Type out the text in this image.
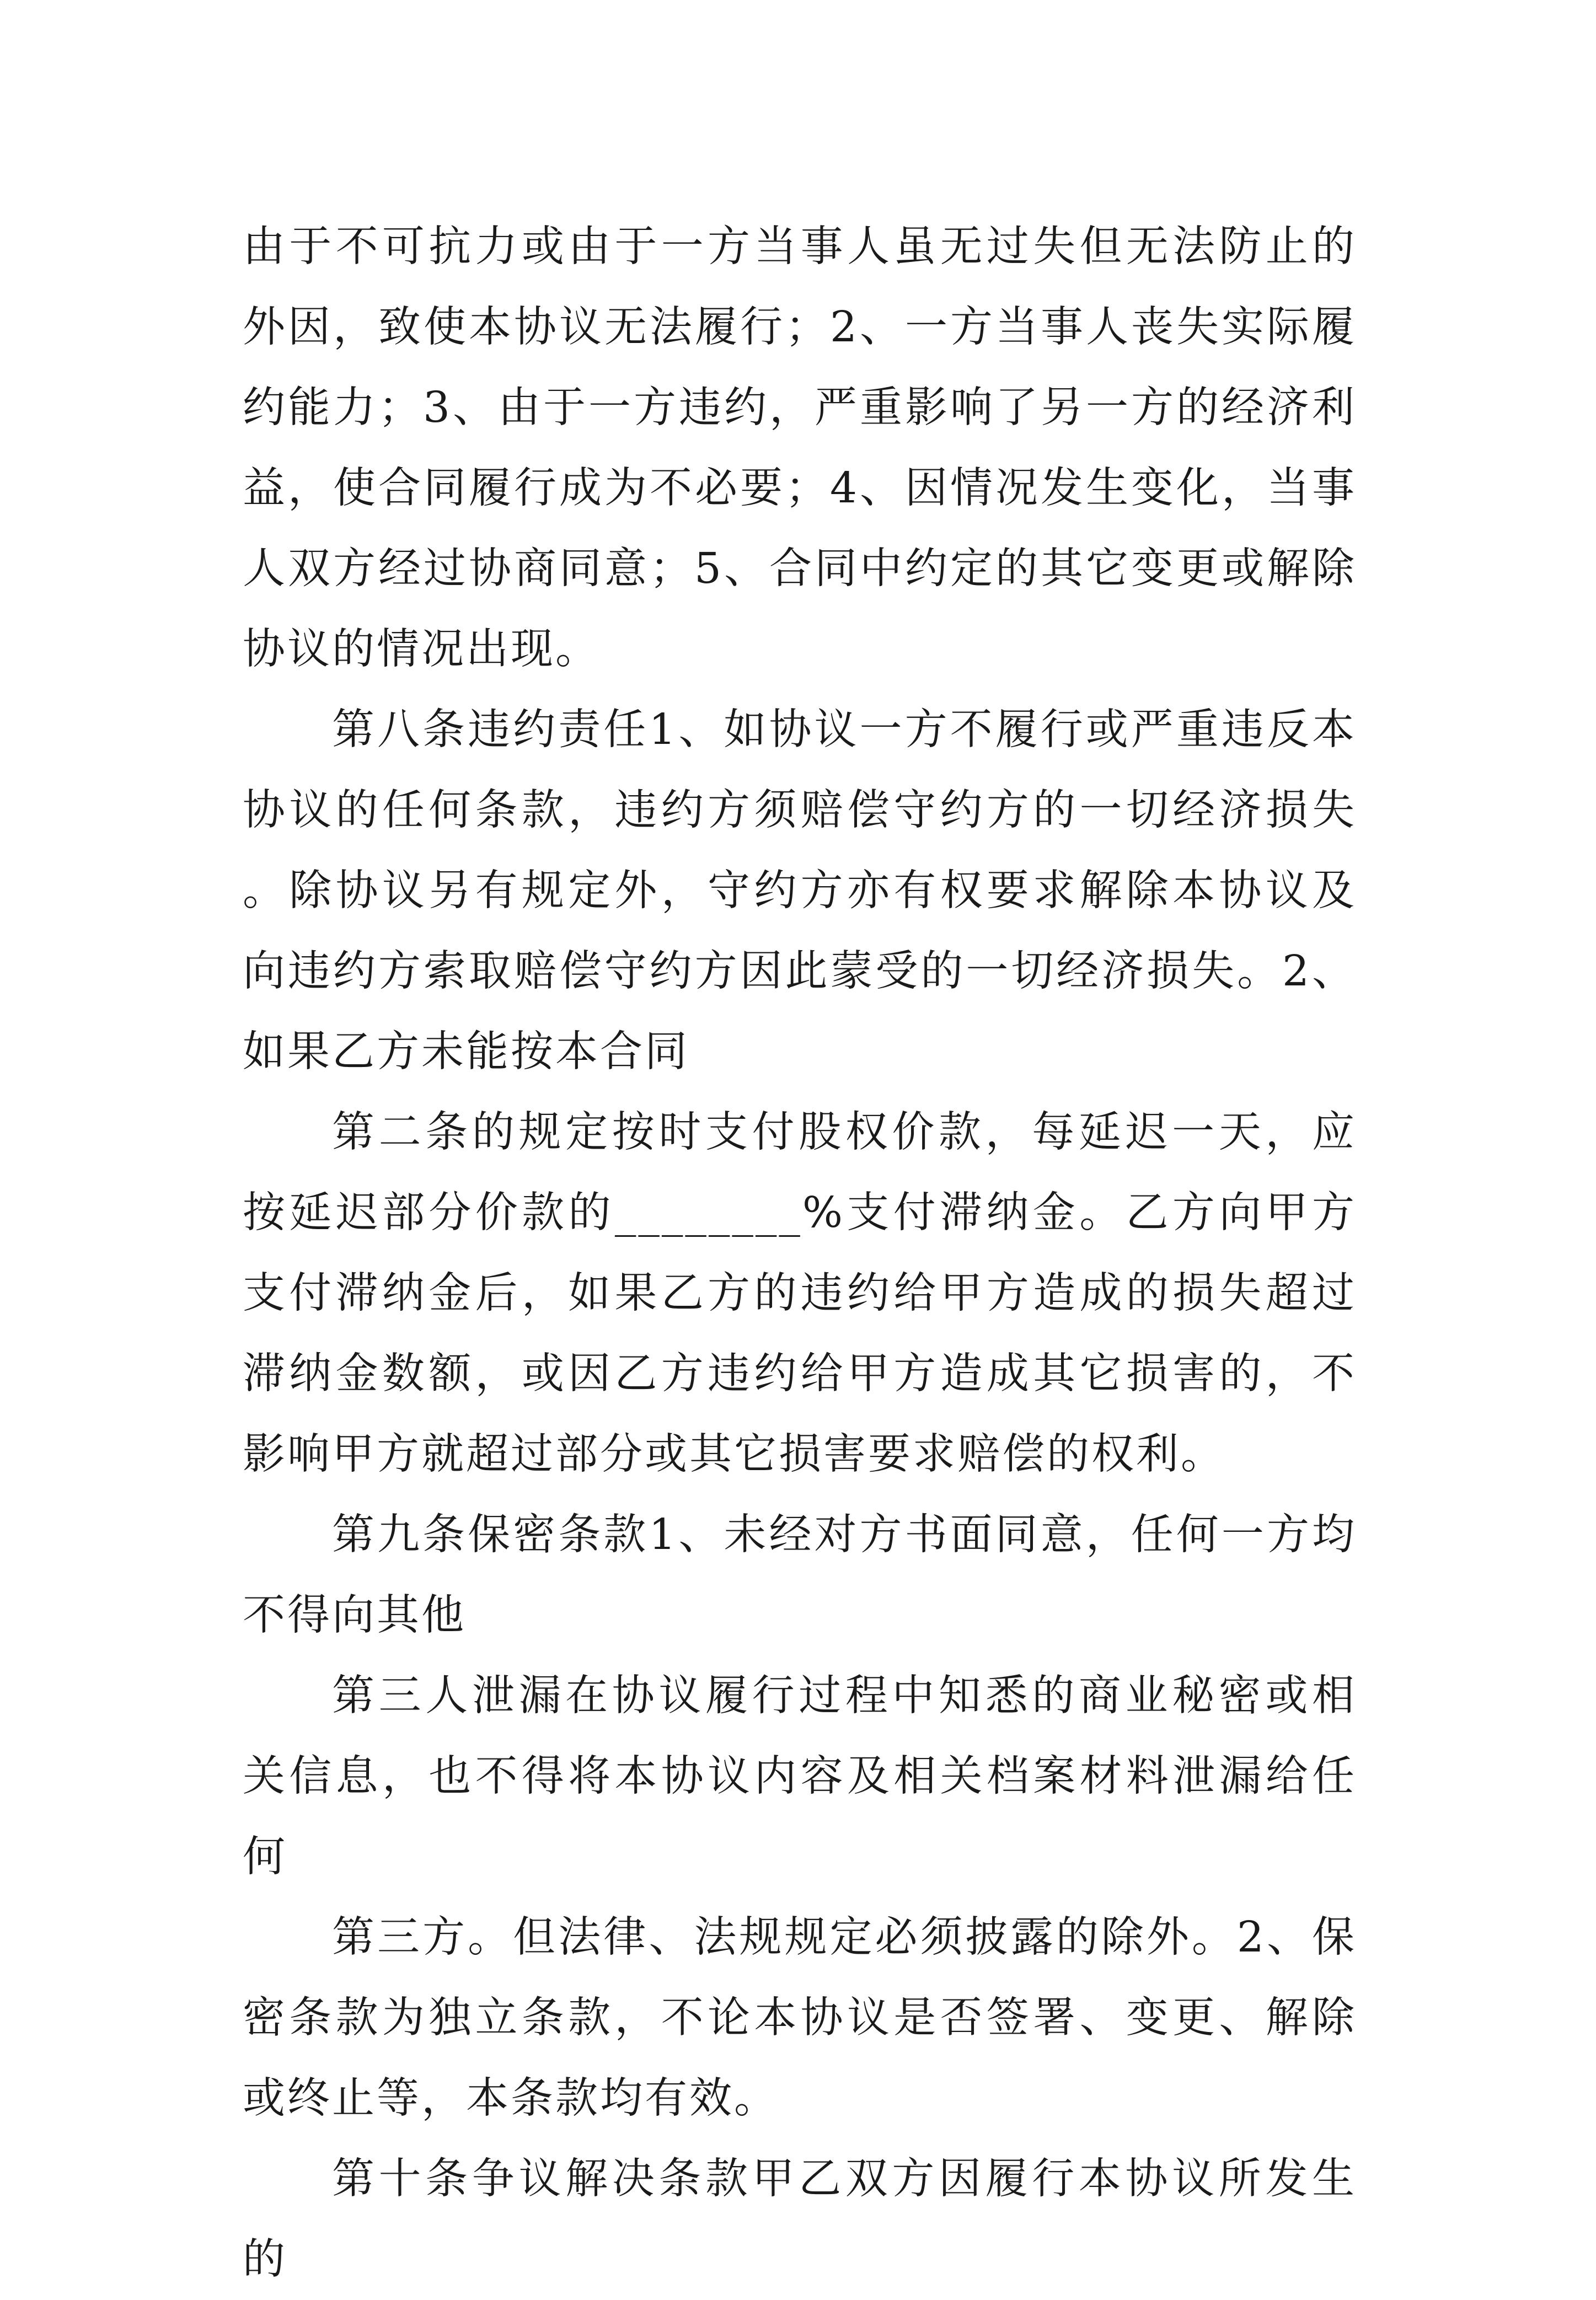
由于不可抗力或由于一方当事人虽无过失但无法防止的外因，致使本协议无法履行；2、一方当事人丧失实际履约能力；3、由于一方违约，严重影响了另一方的经济利益，使合同履行成为不必要；4、因情况发生变化，当事人双方经过协商同意；5、合同中约定的其它变更或解除协议的情况出现。

第八条违约责任1、如协议一方不履行或严重违反本协议的任何条款，违约方须赔偿守约方的一切经济损失。除协议另有规定外，守约方亦有权要求解除本协议及向违约方索取赔偿守约方因此蒙受的一切经济损失。2、如果乙方未能按本合同

第二条的规定按时支付股权价款，每延迟一天，应按延迟部分价款的________%支付滞纳金。乙方向甲方支付滞纳金后，如果乙方的违约给甲方造成的损失超过滞纳金数额，或因乙方违约给甲方造成其它损害的，不影响甲方就超过部分或其它损害要求赔偿的权利。

第九条保密条款1、未经对方书面同意，任何一方均不得向其他

第三人泄漏在协议履行过程中知悉的商业秘密或相关信息，也不得将本协议内容及相关档案材料泄漏给任何

第三方。但法律、法规规定必须披露的除外。2、保密条款为独立条款，不论本协议是否签署、变更、解除或终止等，本条款均有效。

第十条争议解决条款甲乙双方因履行本协议所发生的
